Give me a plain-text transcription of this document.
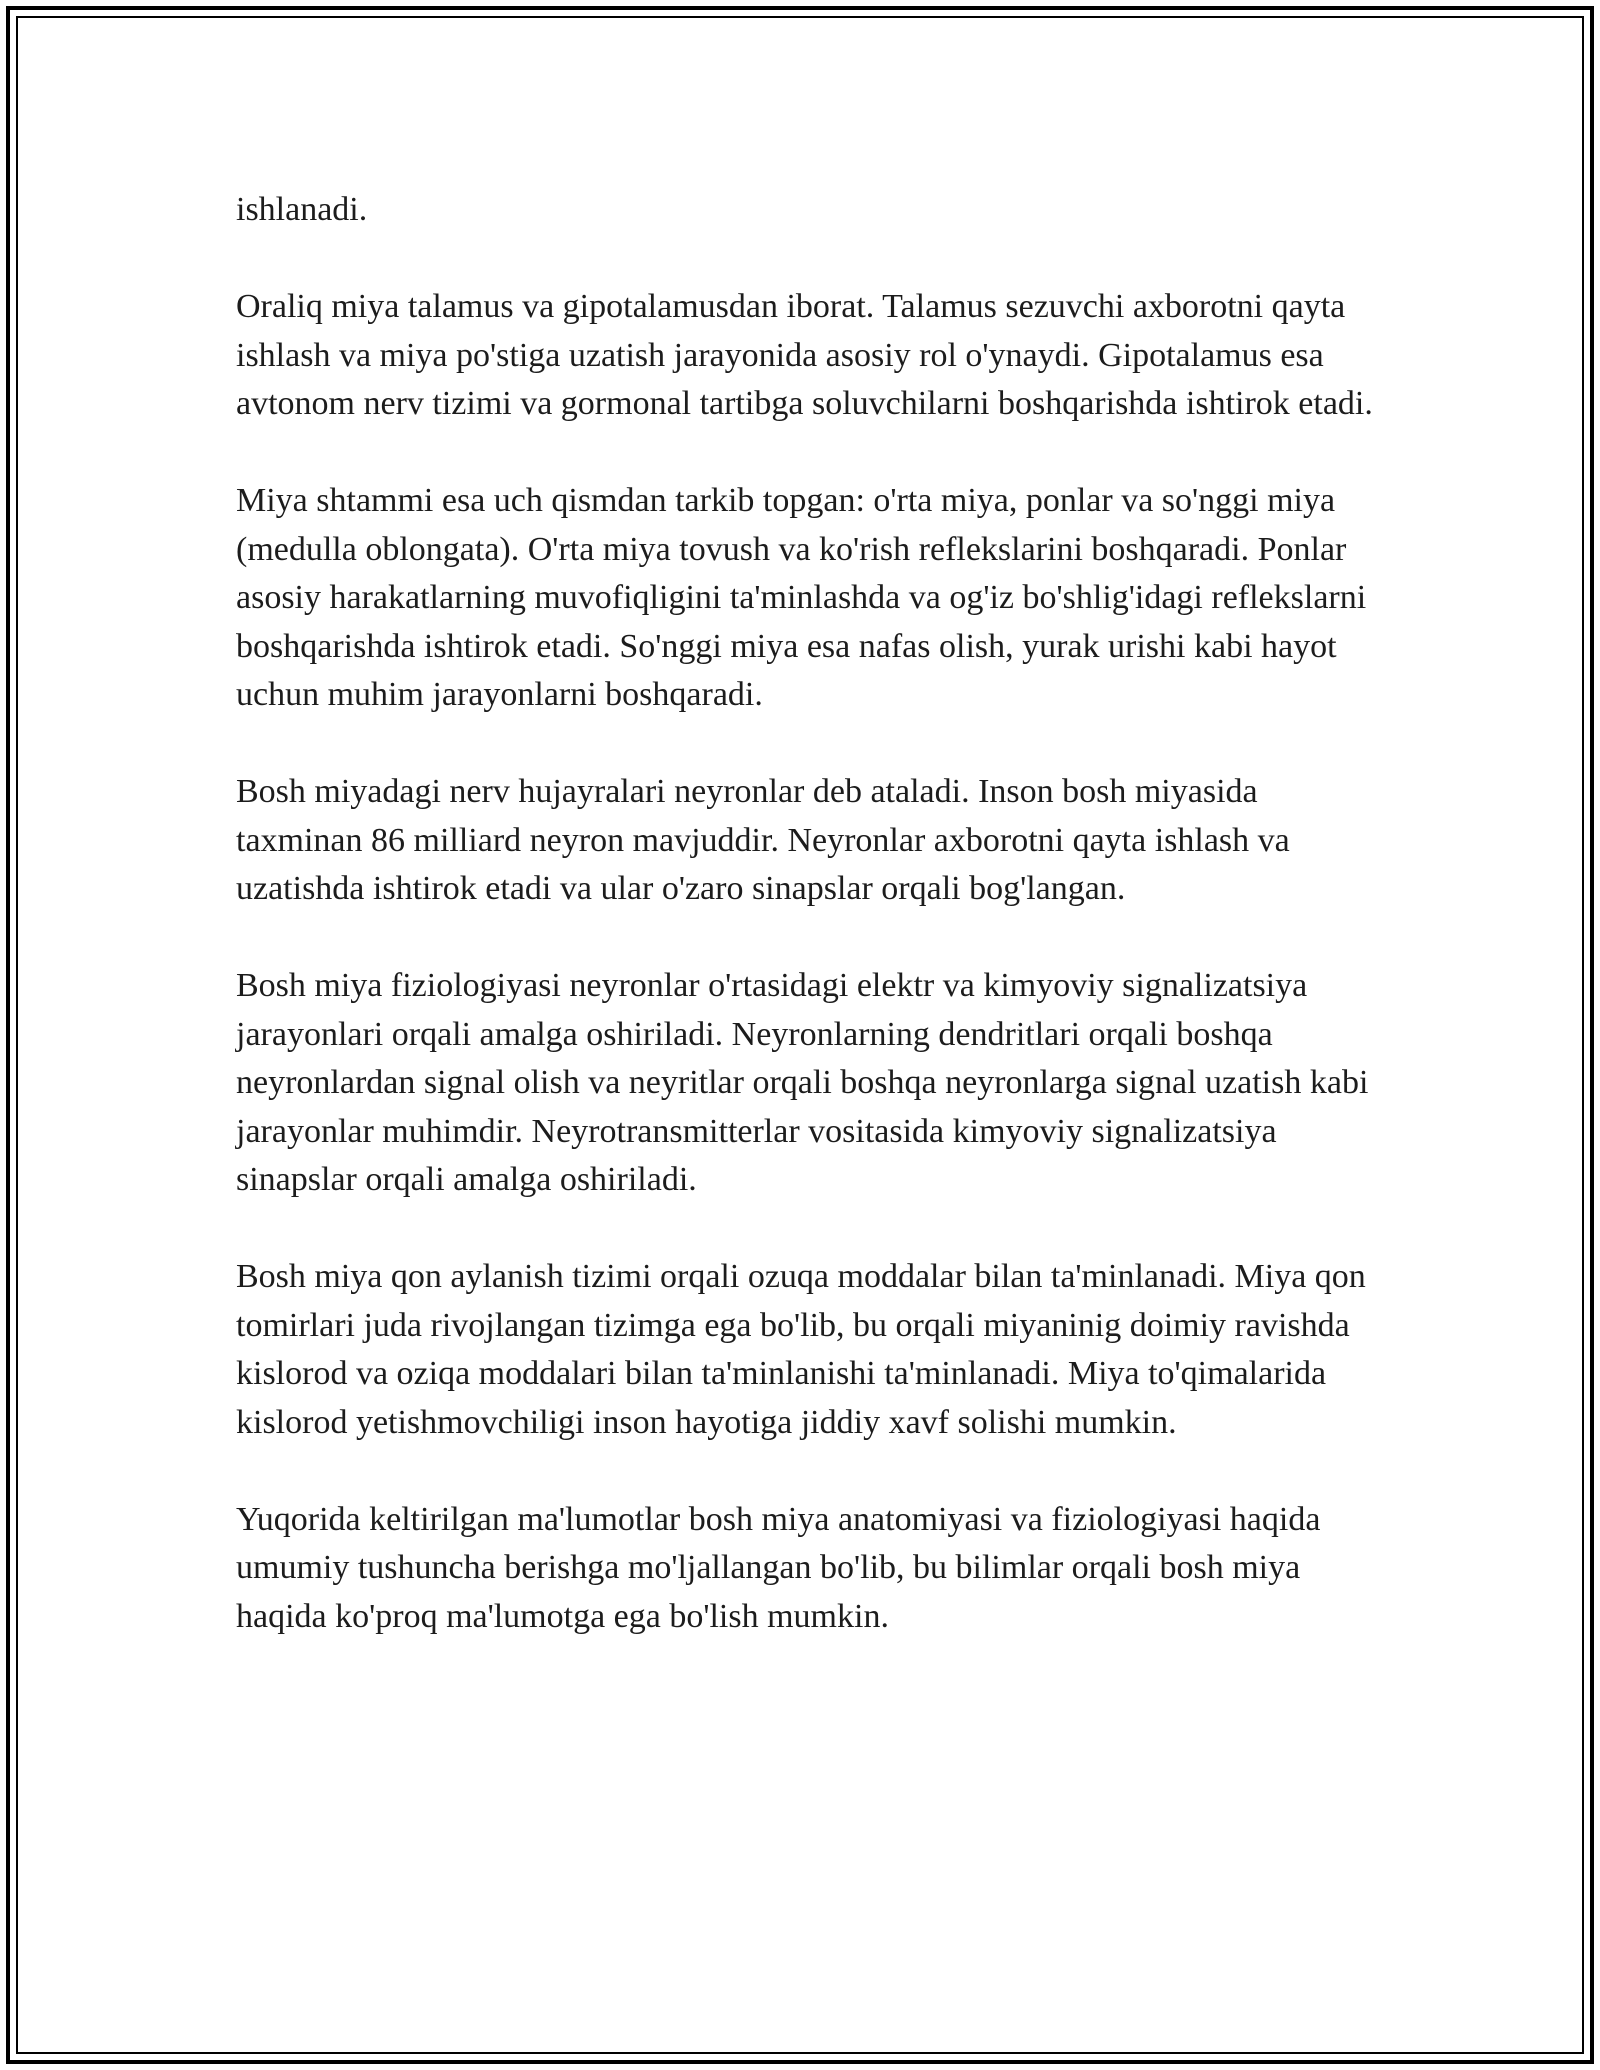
ishlanadi.

Oraliq miya talamus va gipotalamusdan iborat. Talamus sezuvchi axborotni qayta ishlash va miya po'stiga uzatish jarayonida asosiy rol o'ynaydi. Gipotalamus esa avtonom nerv tizimi va gormonal tartibga soluvchilarni boshqarishda ishtirok etadi.

Miya shtammi esa uch qismdan tarkib topgan: o'rta miya, ponlar va so'nggi miya (medulla oblongata). O'rta miya tovush va ko'rish reflekslarini boshqaradi. Ponlar asosiy harakatlarning muvofiqligini ta'minlashda va og'iz bo'shlig'idagi reflekslarni boshqarishda ishtirok etadi. So'nggi miya esa nafas olish, yurak urishi kabi hayot uchun muhim jarayonlarni boshqaradi.

Bosh miyadagi nerv hujayralari neyronlar deb ataladi. Inson bosh miyasida taxminan 86 milliard neyron mavjuddir. Neyronlar axborotni qayta ishlash va uzatishda ishtirok etadi va ular o'zaro sinapslar orqali bog'langan.

Bosh miya fiziologiyasi neyronlar o'rtasidagi elektr va kimyoviy signalizatsiya jarayonlari orqali amalga oshiriladi. Neyronlarning dendritlari orqali boshqa neyronlardan signal olish va neyritlar orqali boshqa neyronlarga signal uzatish kabi jarayonlar muhimdir. Neyrotransmitterlar vositasida kimyoviy signalizatsiya sinapslar orqali amalga oshiriladi.

Bosh miya qon aylanish tizimi orqali ozuqa moddalar bilan ta'minlanadi. Miya qon tomirlari juda rivojlangan tizimga ega bo'lib, bu orqali miyaninig doimiy ravishda kislorod va oziqa moddalari bilan ta'minlanishi ta'minlanadi. Miya to'qimalarida kislorod yetishmovchiligi inson hayotiga jiddiy xavf solishi mumkin.

Yuqorida keltirilgan ma'lumotlar bosh miya anatomiyasi va fiziologiyasi haqida umumiy tushuncha berishga mo'ljallangan bo'lib, bu bilimlar orqali bosh miya haqida ko'proq ma'lumotga ega bo'lish mumkin.
